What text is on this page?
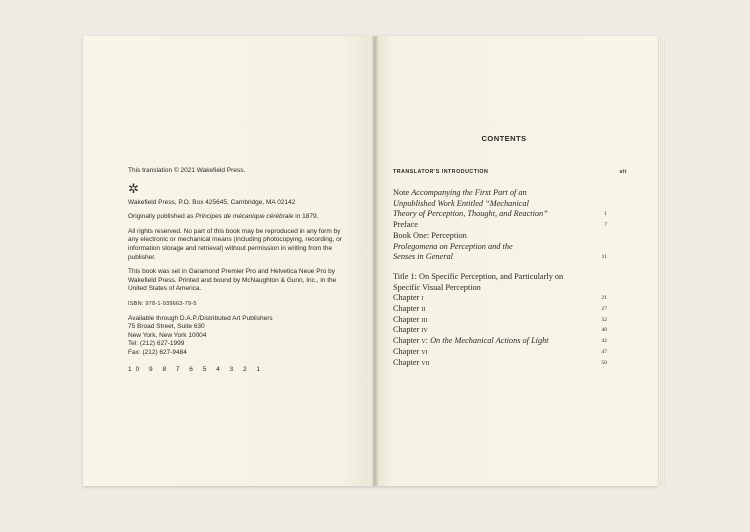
This translation © 2021 Wakefield Press.

✲

Wakefield Press, P.O. Box 425645, Cambridge, MA 02142

Originally published as Principes de mécanique cérébrale in 1879.

All rights reserved. No part of this book may be reproduced in any form by any electronic or mechanical means (including photocopying, recording, or information storage and retrieval) without permission in writing from the publisher.

This book was set in Garamond Premier Pro and Helvetica Neue Pro by Wakefield Press. Printed and bound by McNaughton & Gunn, Inc., in the United States of America.

ISBN: 978-1-939663-79-5

Available through D.A.P./Distributed Art Publishers

75 Broad Street, Suite 630

New York, New York 10004

Tel: (212) 627-1999

Fax: (212) 627-9484

10 9 8 7 6 5 4 3 2 1

CONTENTS
TRANSLATOR'S INTRODUCTION	vii
Note Accompanying the First Part of an
Unpublished Work Entitled “Mechanical
Theory of Perception, Thought, and Reaction”	1
Preface	7
Book One: Perception
Prolegomena on Perception and the
Senses in General	11
Title 1: On Specific Perception, and Particularly on
Specific Visual Perception
Chapter i	21
Chapter ii	27
Chapter iii	32
Chapter iv	40
Chapter v: On the Mechanical Actions of Light	42
Chapter vi	47
Chapter vii	50
